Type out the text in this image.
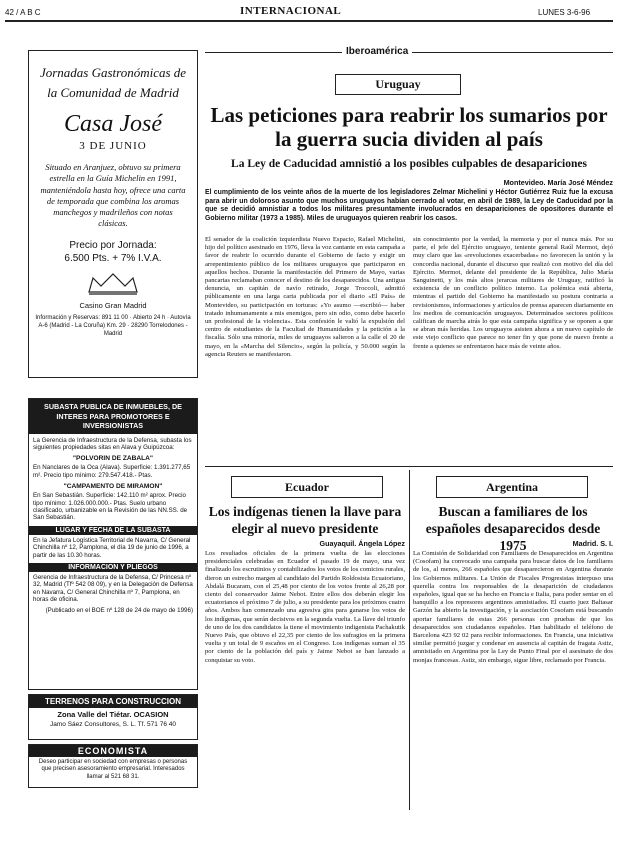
42 / A B C	INTERNACIONAL	LUNES 3-6-96
Jornadas Gastronómicas de la Comunidad de Madrid
Casa José
3 DE JUNIO
Situado en Aranjuez, obtuvo su primera estrella en la Guía Michelin en 1991, manteniéndola hasta hoy, ofrece una carta de temporada que combina los aromas manchegos y madrileños con notas clásicas.
Precio por Jornada:
6.500 Pts. + 7% I.V.A.
Casino Gran Madrid
Información y Reservas: 891 11 00 · Abierto 24 h · Autovía A-6 (Madrid - La Coruña) Km. 29 · 28290 Torrelodones - Madrid
SUBASTA PUBLICA DE INMUEBLES, DE INTERES PARA PROMOTORES E INVERSIONISTAS
La Gerencia de Infraestructura de la Defensa, subasta los siguientes propiedades sitas en Alava y Guipúzcoa:
"POLVORIN DE ZABALA"
En Nanclares de la Oca (Alava). Superficie: 1.391.277,65 m². Precio tipo mínimo: 279.547.418.- Ptas.
"CAMPAMENTO DE MIRAMON"
En San Sebastián. Superficie: 142.110 m² aprox. Precio tipo mínimo: 1.026.000.000.- Ptas. Suelo urbano clasificado, urbanizable en la Revisión de las NN.SS. de San Sebastián.
LUGAR Y FECHA DE LA SUBASTA
En la Jefatura Logística Territorial de Navarra, C/ General Chinchilla nº 12, Pamplona, el día 19 de junio de 1996, a partir de las 10.30 horas.
INFORMACION Y PLIEGOS
Gerencia de Infraestructura de la Defensa, C/ Princesa nº 32, Madrid (Tfº 542 08 09), y en la Delegación de Defensa en Navarra, C/ General Chinchilla nº 7, Pamplona, en horas de oficina.
(Publicado en el BOE nº 128 de 24 de mayo de 1996)
TERRENOS PARA CONSTRUCCION
Zona Valle del Tiétar. OCASION
Jamo Sáez Consultores, S. L. Tf. 571 76 40
ECONOMISTA
Deseo participar en sociedad con empresas o personas que precisen asesoramiento empresarial. Interesados llamar al 521 68 31.
Iberoamérica
Uruguay
Las peticiones para reabrir los sumarios por la guerra sucia dividen al país
La Ley de Caducidad amnistió a los posibles culpables de desapariciones
Montevideo. María José Méndez
El cumplimiento de los veinte años de la muerte de los legisladores Zelmar Michelini y Héctor Gutiérrez Ruiz fue la excusa para abrir un doloroso asunto que muchos uruguayos habían cerrado al votar, en abril de 1989, la Ley de Caducidad por la que se decidió amnistiar a todos los militares presuntamente involucrados en desapariciones de opositores durante el Gobierno militar (1973 a 1985). Miles de uruguayos quieren reabrir los casos.
El senador de la coalición izquierdista Nuevo Espacio, Rafael Michelini, hijo del político asesinado en 1976, lleva la voz cantante en esta campaña a favor de reabrir lo ocurrido durante el Gobierno de facto y exigir un arrepentimiento público de los militares uruguayos que participaron en aquellos hechos. Durante la manifestación del Primero de Mayo, varias pancartas reclamaban conocer el destino de los desaparecidos. Una antigua denuncia, un capitán de navío retirado, Jorge Troccoli, admitió públicamente en una larga carta publicada por el diario «El País» de Montevideo, su participación en torturas: «Yo asumo —escribió— haber tratado inhumanamente a mis enemigos, pero sin odio, como debe hacerlo un profesional de la violencia». Esta confesión le valió la expulsión del centro de estudiantes de la Facultad de Humanidades y la petición a la fiscalía. Sólo una minoría, miles de uruguayos salieron a la calle el 20 de mayo, en la «Marcha del Silencio», según la policía, y 50.000 según la agencia Reuters se manifestaron.
sin conocimiento por la verdad, la memoria y por el nunca más. Por su parte, el jefe del Ejército uruguayo, teniente general Raúl Mermot, dejó muy claro que las «revoluciones exacerbadas» no favorecen la unión y la concordia nacional, durante el discurso que realizó con motivo del día del Ejército. Mermot, delante del presidente de la República, Julio María Sanguinetti, y los más altos jerarcas militares de Uruguay, ratificó la existencia de un conflicto político interno. La polémica está abierta, mientras el partido del Gobierno ha manifestado su postura contraria a revisionismos, informaciones y artículos de prensa aparecen diariamente en los medios de comunicación uruguayos. Determinados sectores políticos califican de marcha atrás lo que esta campaña significa y se oponen a que se abran más heridas. Los uruguayos asisten ahora a un nuevo capítulo de este viejo conflicto que parece no tener fin y que pone de nuevo frente a frente a quienes se enfrentaron hace más de veinte años.
Ecuador
Los indígenas tienen la llave para elegir al nuevo presidente
Guayaquil. Ángela López
Los resultados oficiales de la primera vuelta de las elecciones presidenciales celebradas en Ecuador el pasado 19 de mayo, una vez finalizado los escrutinios y contabilizados los votos de los comicios rurales, dieron un estrecho margen al candidato del Partido Roldosista Ecuatoriano, Abdalá Bucaram, con el 25,48 por ciento de los votos frente al 26,28 por ciento del conservador Jaime Nebot. Entre ellos dos deberán elegir los ecuatorianos el próximo 7 de julio, a su presidente para los próximos cuatro años. Ambos han comenzado una agresiva gira para ganarse los votos de los indígenas, que serán decisivos en la segunda vuelta. La llave del triunfo de uno de los dos candidatos la tiene el movimiento indigenista Pachakutik Nuevo País, que obtuvo el 22,35 por ciento de los sufragios en la primera vuelta y un total de 9 escaños en el Congreso. Los indígenas suman el 35 por ciento de la población del país y Jaime Nebot se han lanzado a conquistar su voto.
Argentina
Buscan a familiares de los españoles desaparecidos desde 1975	Madrid. S. I.
La Comisión de Solidaridad con Familiares de Desaparecidos en Argentina (Cosofam) ha convocado una campaña para buscar datos de los familiares de los, al menos, 266 españoles que desaparecieron en Argentina durante los Gobiernos militares. La Unión de Fiscales Progresistas interpuso una querella contra los responsables de la desaparición de ciudadanos españoles, igual que se ha hecho en Francia e Italia, para poder sentar en el banquillo a los represores argentinos amnistiados. El cuarto juez Baltasar Garzón ha abierto la investigación, y la asociación Cosofam está buscando aportar familiares de estas 266 personas con pruebas de que los desaparecidos son ciudadanos españoles. Han habilitado el teléfono de Barcelona 423 92 02 para recibir informaciones. En Francia, una iniciativa similar permitió juzgar y condenar en ausencia al capitán de fragata Astiz, amnistiado en Argentina por la Ley de Punto Final por el asesinato de dos monjas francesas. Astiz, sin embargo, sigue libre, reclamado por Francia.
